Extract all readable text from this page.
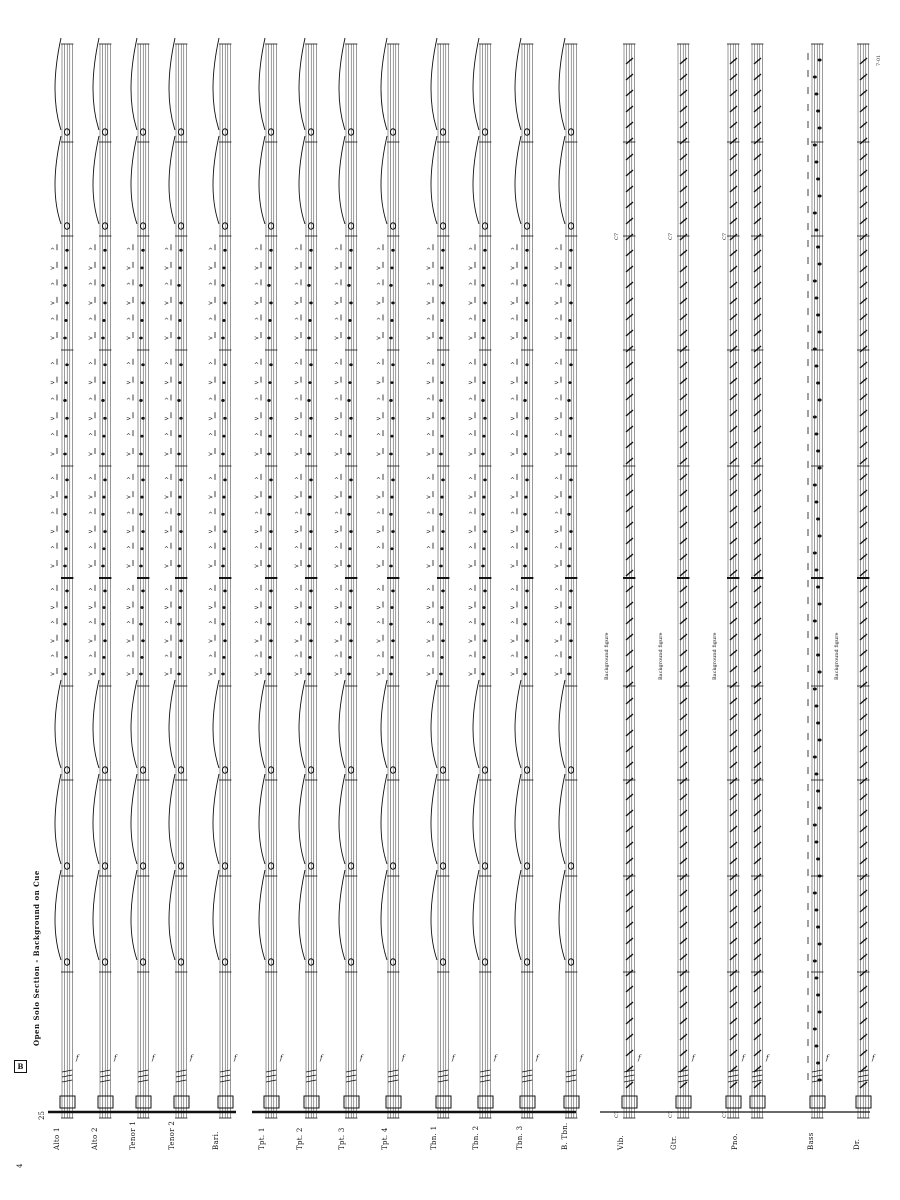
>
^
>
^
>
^
>
^
>
^
>
^
>
^
>
^
>
^
>
^
>
^
>
^
>
^
>
^
>
^
>
^
>
^
>
^
>
^
>
^
>
^
>
^
>
^
>
^
>
^
>
^
>
^
>
^
>
^
>
^
>
^
>
^
>
^
>
^
>
^
>
^
>
^
>
^
>
^
>
^
>
^
>
^
>
^
>
^
>
^
>
^
>
^
>
^
>
^
>
^
>
^
>
^
>
^
>
^
>
^
>
^
>
^
>
^
>
^
>
^
>
^
>
^
>
^
>
^
>
^
>
^
>
^
>
^
>
^
>
^
>
^
>
^
>
^
>
^
>
^
>
^
>
^
>
^
>
^
>
^
>
^
>
^
>
^
>
^
>
^
>
^
>
^
>
^
>
^
>
^
>
^
>
^
>
^
>
^
>
^
>
^
>
^
>
^
>
^
>
^
>
^
>
^
>
^
>
^
>
^
>
^
>
^
>
^
>
^
>
^
>
^
>
^
>
^
>
^
>
^
>
^
>
^
>
^
>
^
>
^
>
^
>
^
>
^
>
^
>
^
>
^
>
^
>
^
>
^
>
^
>
^
>
^
>
^
>
^
>
^
>
^
>
^
>
^
>
^
>
^
>
^
>
^
>
^
>
^
>
^
>
^
>
^
>
^
>
^
>
^
>
^
>
^
>
^
>
^
>
^
>
^
f	f	f	f	f	f	f	f	f	f	f	f	f	f	f	f	f	f	f
4
25
B
Open Solo Section - Background on Cue
7-01
Background figure	Background figure	Background figure	Background figure
C7	C7	C7
C7	C7	C7
Alto 1	Alto 2	Tenor 1	Tenor 2	Bari.	Tpt. 1	Tpt. 2	Tpt. 3	Tpt. 4	Tbn. 1	Tbn. 2	Tbn. 3	B. Tbn.	Vib.	Gtr.	Pno.	Bass	Dr.
